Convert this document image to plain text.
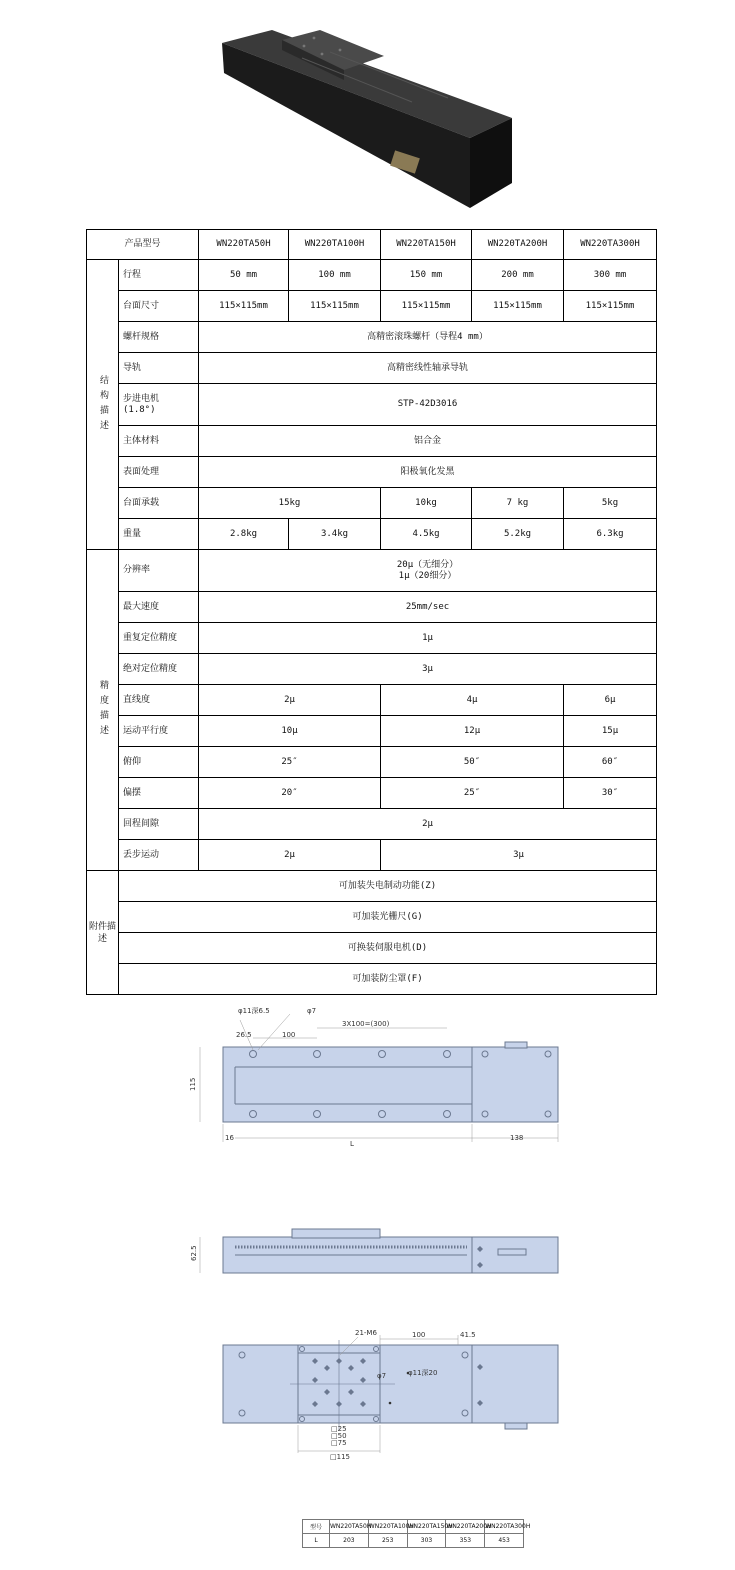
产品型号		WN220TA50H	WN220TA100H	WN220TA150H	WN220TA200H	WN220TA300H
结构描述	行程	50 mm	100 mm	150 mm	200 mm	300 mm
	台面尺寸	115×115mm	115×115mm	115×115mm	115×115mm	115×115mm
	螺杆规格	高精密滚珠螺杆（导程4 mm）				
	导轨	高精密线性轴承导轨				

	步进电机
(1.8°)	STP-42D3016				
	主体材料	铝合金				
	表面处理	阳极氧化发黑				
	台面承载	15kg		10kg	7 kg	5kg
	重量	2.8kg	3.4kg	4.5kg	5.2kg	6.3kg
精度描述	分辨率	20μ（无细分）
1μ（20细分）				

	最大速度	25mm/sec				
	重复定位精度	1μ				
	绝对定位精度	3μ				
	直线度	2μ		4μ		6μ
	运动平行度	10μ		12μ		15μ
	俯仰	25″		50″		60″
	偏摆	20″		25″		30″
	回程间隙	2μ				
	丢步运动	2μ		3μ		
附件描述	可加装失电制动功能(Z)					
	可加装光栅尺(G)					
	可换装伺服电机(D)					
	可加装防尘罩(F)					
φ11深6.5	φ7
26.5	100
3X100=(300)
115
16
L
138
62.5
21-M6	100	41.5
φ7	φ11深20
□25
□50
□75
□115
型号	WN220TA50H	WN220TA100H	WN220TA150H	WN220TA200H	WN220TA300H
L	203	253	303	353	453
